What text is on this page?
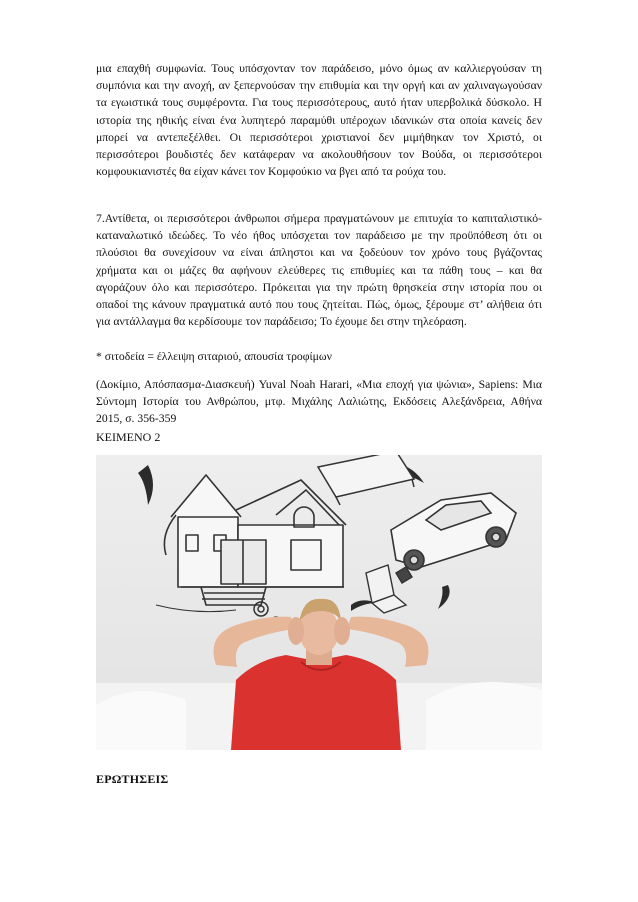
μια επαχθή συμφωνία. Τους υπόσχονταν τον παράδεισο, μόνο όμως αν καλλιεργούσαν τη συμπόνια και την ανοχή, αν ξεπερνούσαν την επιθυμία και την οργή και αν χαλιναγωγούσαν τα εγωιστικά τους συμφέροντα. Για τους περισσότερους, αυτό ήταν υπερβολικά δύσκολο. Η ιστορία της ηθικής είναι ένα λυπητερό παραμύθι υπέροχων ιδανικών στα οποία κανείς δεν μπορεί να αντεπεξέλθει. Οι περισσότεροι χριστιανοί δεν μιμήθηκαν τον Χριστό, οι περισσότεροι βουδιστές δεν κατάφεραν να ακολουθήσουν τον Βούδα, οι περισσότεροι κομφουκιανιστές θα είχαν κάνει τον Κομφούκιο να βγει από τα ρούχα του.

7.Αντίθετα, οι περισσότεροι άνθρωποι σήμερα πραγματώνουν με επιτυχία το καπιταλιστικό-καταναλωτικό ιδεώδες. Το νέο ήθος υπόσχεται τον παράδεισο με την προϋπόθεση ότι οι πλούσιοι θα συνεχίσουν να είναι άπληστοι και να ξοδεύουν τον χρόνο τους βγάζοντας χρήματα και οι μάζες θα αφήνουν ελεύθερες τις επιθυμίες και τα πάθη τους – και θα αγοράζουν όλο και περισσότερο. Πρόκειται για την πρώτη θρησκεία στην ιστορία που οι οπαδοί της κάνουν πραγματικά αυτό που τους ζητείται. Πώς, όμως, ξέρουμε στ’ αλήθεια ότι για αντάλλαγμα θα κερδίσουμε τον παράδεισο; Το έχουμε δει στην τηλεόραση.

* σιτοδεία = έλλειψη σιταριού, απουσία τροφίμων

(Δοκίμιο, Απόσπασμα-Διασκευή) Yuval Noah Harari, «Μια εποχή για ψώνια», Sapiens: Μια Σύντομη Ιστορία του Ανθρώπου, μτφ. Μιχάλης Λαλιώτης, Εκδόσεις Αλεξάνδρεια, Αθήνα 2015, σ. 356-359

ΚΕΙΜΕΝΟ 2
ΕΡΩΤΗΣΕΙΣ
